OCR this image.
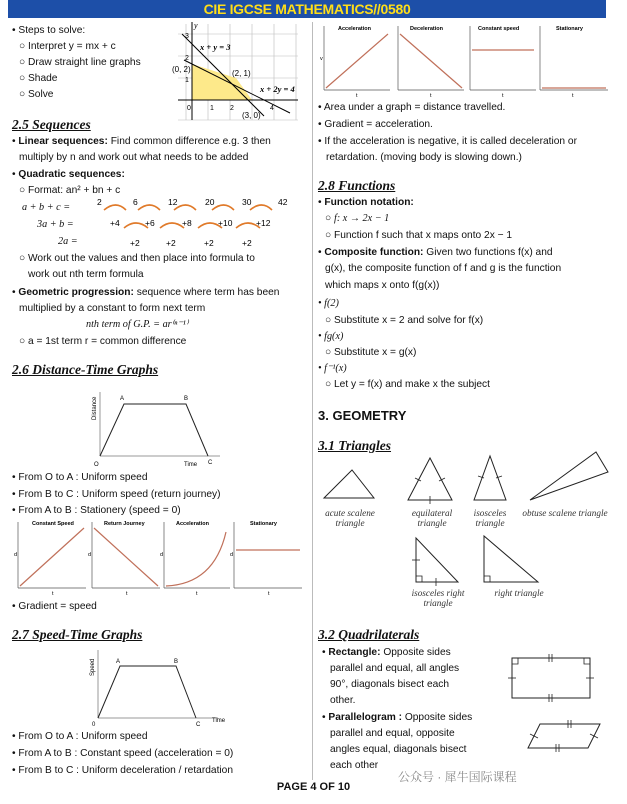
CIE IGCSE MATHEMATICS//0580
• Steps to solve:
○ Interpret y = mx + c
○ Draw straight line graphs
○ Shade
○ Solve
y
x + y = 3
x + 2y = 4
(0, 2)	(2, 1)
(3, 0)
3
2
1
0	1 2	4
2.5 Sequences
• Linear sequences: Find common difference e.g. 3 then
multiply by n and work out what needs to be added
• Quadratic sequences:
○ Format: an² + bn + c
a + b + c =
3a + b =
2a =
2	6	12	20	30	42
+4	+6	+8	+10	+12
+2	+2	+2	+2
○ Work out the values and then place into formula to
work out nth term formula
• Geometric progression: sequence where term has been
multiplied by a constant to form next term
nth term of G.P. = ar⁽ⁿ⁻¹⁾
○ a = 1st term r = common difference
2.6 Distance-Time Graphs
Distance
Time
A	B
C
O
• From O to A : Uniform speed
• From B to C : Uniform speed (return journey)
• From A to B : Stationery (speed = 0)
Constant Speed	Return Journey	Acceleration	Stationary
d	d	d	d
t	t	t	t
• Gradient = speed
2.7 Speed-Time Graphs
Speed
Time
A	B
C
0
• From O to A : Uniform speed
• From A to B : Constant speed (acceleration = 0)
• From B to C : Uniform deceleration / retardation
Acceleration	Deceleration	Constant speed	Stationary
v
t	t	t	t
• Area under a graph = distance travelled.
• Gradient = acceleration.
• If the acceleration is negative, it is called deceleration or
retardation. (moving body is slowing down.)
2.8 Functions
• Function notation:
○ f: x → 2x − 1
○ Function f such that x maps onto 2x − 1
• Composite function: Given two functions f(x) and
g(x), the composite function of f and g is the function
which maps x onto f(g(x))
• f(2)
○ Substitute x = 2 and solve for f(x)
• fg(x)
○ Substitute x = g(x)
• f⁻¹(x)
○ Let y = f(x) and make x the subject
3. GEOMETRY
3.1 Triangles
acute scalene triangle
equilateral triangle
isosceles triangle
obtuse scalene triangle
isosceles right triangle
right triangle
3.2 Quadrilaterals
• Rectangle: Opposite sides
parallel and equal, all angles
90°, diagonals bisect each
other.
• Parallelogram : Opposite sides
parallel and equal, opposite
angles equal, diagonals bisect
each other
PAGE 4 OF 10
公众号 · 犀牛国际课程
